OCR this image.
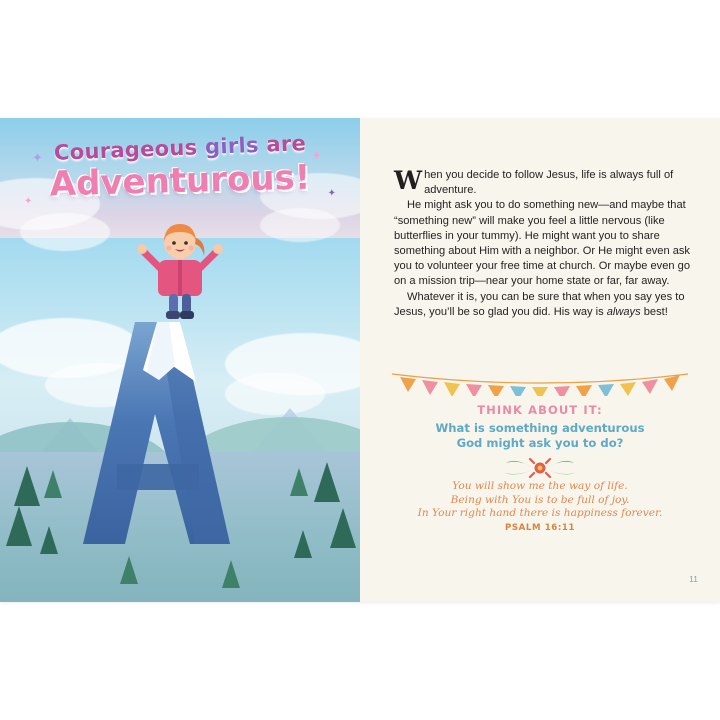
✦	✦
✦
✦
Courageous girls are
Adventurous!	When you decide to follow Jesus, life is always full of adventure.

He might ask you to do something new—and maybe that “something new” will make you feel a little nervous (like butterflies in your tummy). He might want you to share something about Him with a neighbor. Or He might even ask you to volunteer your free time at church. Or maybe even go on a mission trip—near your home state or far, far away.

Whatever it is, you can be sure that when you say yes to Jesus, you’ll be so glad you did. His way is always best!

THINK ABOUT IT:
What is something adventurous
God might ask you to do?
You will show me the way of life.
Being with You is to be full of joy.
In Your right hand there is happiness forever.
PSALM 16:11
11
